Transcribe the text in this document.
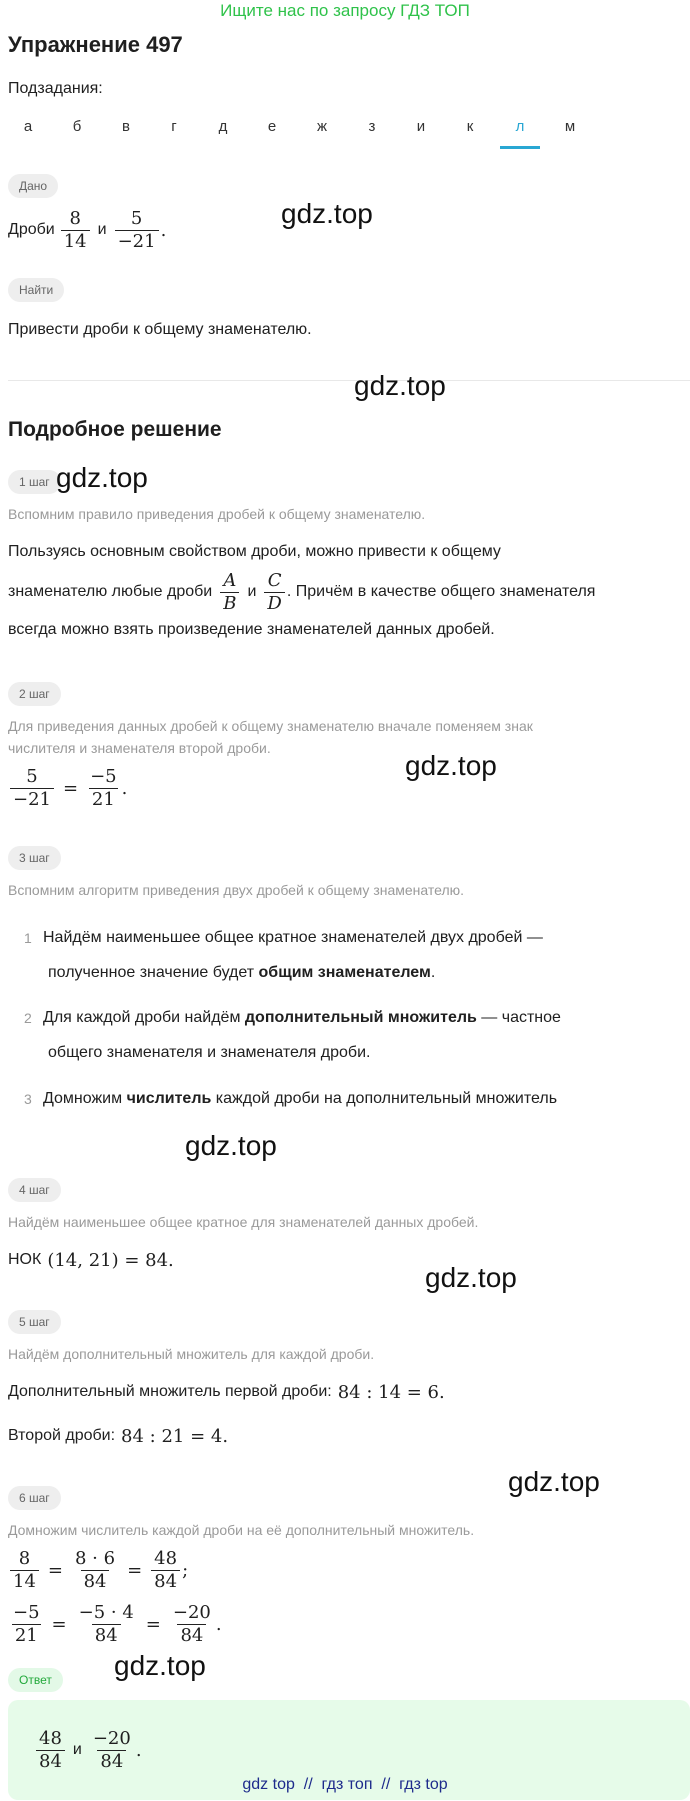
Ищите нас по запросу ГДЗ ТОП
Упражнение 497
Подзадания:
а	б	в	г	д	е	ж	з	и	к	л	м
Дано
Дроби $\frac{8}{14}$ и $\frac{5}{-21}$ .
gdz.top
Найти
Привести дроби к общему знаменателю.
gdz.top
Подробное решение
1 шаг gdz.top
Вспомним правило приведения дробей к общему знаменателю.
Пользуясь основным свойством дроби, можно привести к общему
знаменателю любые дроби $\frac{A}{B}$ и $\frac{C}{D}$ . Причём в качестве общего знаменателя
всегда можно взять произведение знаменателей данных дробей.
2 шаг
Для приведения данных дробей к общему знаменателю вначале поменяем знак
числителя и знаменателя второй дроби.
$\frac{5}{-21} = \frac{-5}{21}$ .
gdz.top
3 шаг
Вспомним алгоритм приведения двух дробей к общему знаменателю.
1 Найдём наименьшее общее кратное знаменателей двух дробей —
полученное значение будет общим знаменателем.
2 Для каждой дроби найдём дополнительный множитель — частное
общего знаменателя и знаменателя дроби.
3 Домножим числитель каждой дроби на дополнительный множитель
gdz.top
4 шаг
Найдём наименьшее общее кратное для знаменателей данных дробей.
НОК (14, 21) = 84.
gdz.top
5 шаг
Найдём дополнительный множитель для каждой дроби.
Дополнительный множитель первой дроби: 84 : 14 = 6.
Второй дроби: 84 : 21 = 4.
gdz.top
6 шаг
Домножим числитель каждой дроби на её дополнительный множитель.
$\frac{8}{14} = \frac{8 \cdot 6}{84} = \frac{48}{84}$ ;
$\frac{-5}{21} = \frac{-5 \cdot 4}{84} = \frac{-20}{84}$ .
gdz.top
Ответ
$\frac{48}{84}$ и $\frac{-20}{84}$ .
gdz top  //  гдз топ  //  гдз top
